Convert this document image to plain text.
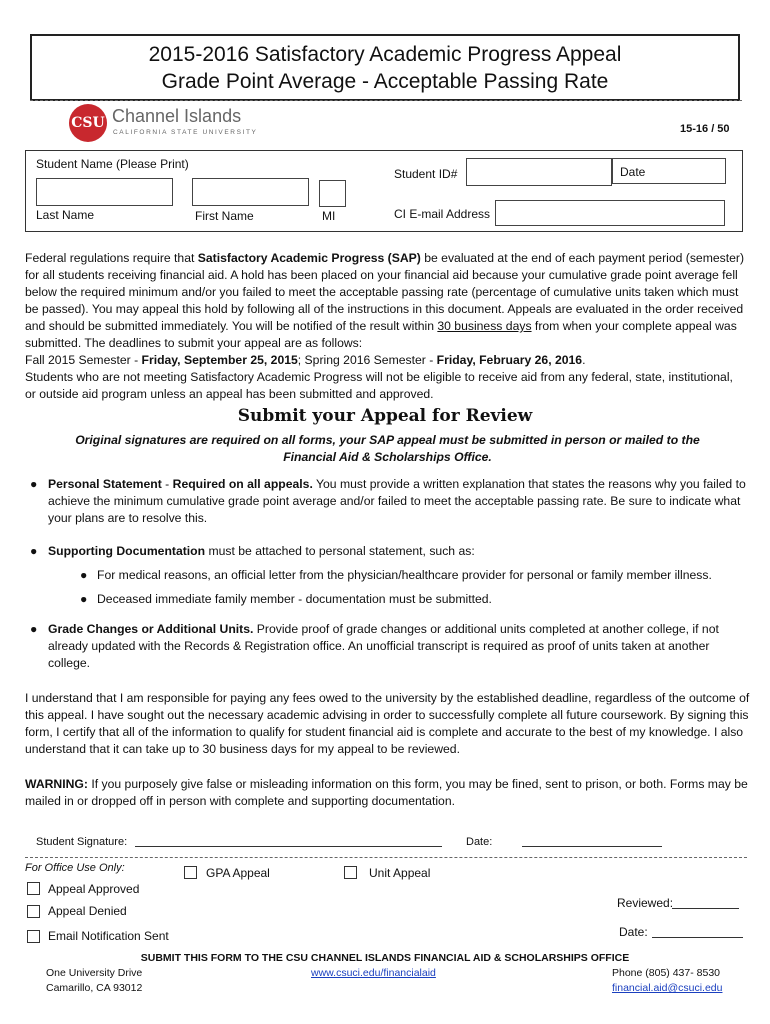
2015-2016 Satisfactory Academic Progress Appeal
Grade Point Average - Acceptable Passing Rate
CSU Channel Islands
CALIFORNIA STATE UNIVERSITY	15-16 / 50
Student Name (Please Print)
Last Name	First Name	MI
Student ID#	Date
CI E-mail Address
Federal regulations require that Satisfactory Academic Progress (SAP) be evaluated at the end of each payment period (semester) for all students receiving financial aid. A hold has been placed on your financial aid because your cumulative grade point average fell below the required minimum and/or you failed to meet the acceptable passing rate (percentage of cumulative units taken which must be passed). You may appeal this hold by following all of the instructions in this document. Appeals are evaluated in the order received and should be submitted immediately. You will be notified of the result within 30 business days from when your complete appeal was submitted. The deadlines to submit your appeal are as follows:
Fall 2015 Semester - Friday, September 25, 2015; Spring 2016 Semester - Friday, February 26, 2016.
Students who are not meeting Satisfactory Academic Progress will not be eligible to receive aid from any federal, state, institutional, or outside aid program unless an appeal has been submitted and approved.
Submit your Appeal for Review
Original signatures are required on all forms, your SAP appeal must be submitted in person or mailed to the Financial Aid & Scholarships Office.
● Personal Statement - Required on all appeals. You must provide a written explanation that states the reasons why you failed to achieve the minimum cumulative grade point average and/or failed to meet the acceptable passing rate. Be sure to indicate what your plans are to resolve this.
● Supporting Documentation must be attached to personal statement, such as:
● For medical reasons, an official letter from the physician/healthcare provider for personal or family member illness.
● Deceased immediate family member - documentation must be submitted.
● Grade Changes or Additional Units. Provide proof of grade changes or additional units completed at another college, if not already updated with the Records & Registration office. An unofficial transcript is required as proof of units taken at another college.
I understand that I am responsible for paying any fees owed to the university by the established deadline, regardless of the outcome of this appeal. I have sought out the necessary academic advising in order to successfully complete all future coursework. By signing this form, I certify that all of the information to qualify for student financial aid is complete and accurate to the best of my knowledge. I also understand that it can take up to 30 business days for my appeal to be reviewed.
WARNING: If you purposely give false or misleading information on this form, you may be fined, sent to prison, or both. Forms may be mailed in or dropped off in person with complete and supporting documentation.
Student Signature:	Date:
For Office Use Only:	GPA Appeal	Unit Appeal
Appeal Approved
Appeal Denied
Email Notification Sent
Reviewed:
Date:
SUBMIT THIS FORM TO THE CSU CHANNEL ISLANDS FINANCIAL AID & SCHOLARSHIPS OFFICE
One University Drive
Camarillo, CA 93012
www.csuci.edu/financialaid	Phone (805) 437- 8530
financial.aid@csuci.edu
